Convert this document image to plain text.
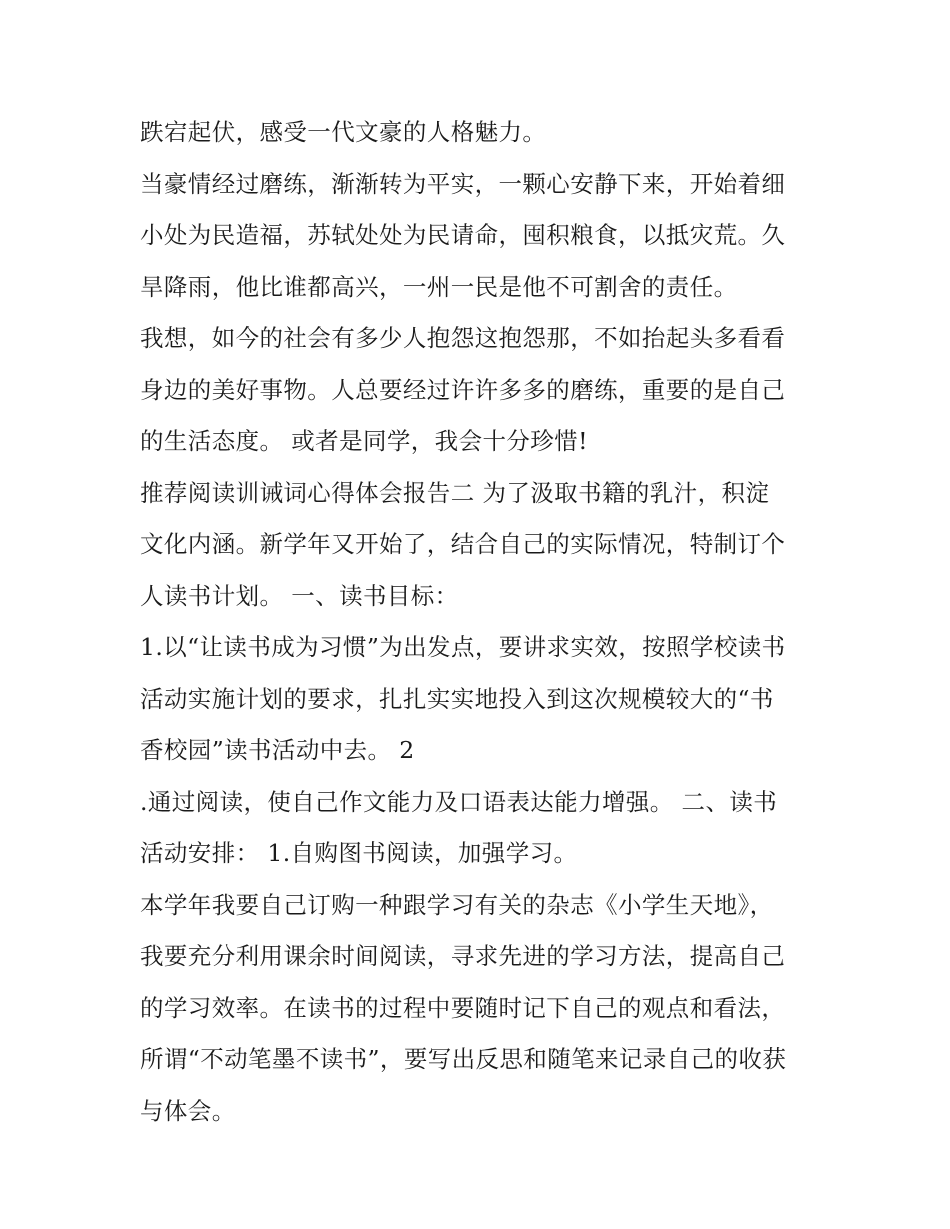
跌宕起伏，感受一代文豪的人格魅力。
当豪情经过磨练，渐渐转为平实，一颗心安静下来，开始着细
小处为民造福，苏轼处处为民请命，囤积粮食，以抵灾荒。久
旱降雨，他比谁都高兴，一州一民是他不可割舍的责任。
我想，如今的社会有多少人抱怨这抱怨那，不如抬起头多看看
身边的美好事物。人总要经过许许多多的磨练，重要的是自己
的生活态度。 或者是同学，我会十分珍惜!
推荐阅读训诫词心得体会报告二 为了汲取书籍的乳汁，积淀
文化内涵。新学年又开始了，结合自己的实际情况，特制订个
人读书计划。 一、读书目标：
1.以“让读书成为习惯”为出发点，要讲求实效，按照学校读书
活动实施计划的要求，扎扎实实地投入到这次规模较大的“书
香校园”读书活动中去。 2
.通过阅读，使自己作文能力及口语表达能力增强。 二、读书
活动安排： 1.自购图书阅读，加强学习。
本学年我要自己订购一种跟学习有关的杂志《小学生天地》，
我要充分利用课余时间阅读，寻求先进的学习方法，提高自己
的学习效率。在读书的过程中要随时记下自己的观点和看法，
所谓“不动笔墨不读书”，要写出反思和随笔来记录自己的收获
与体会。
